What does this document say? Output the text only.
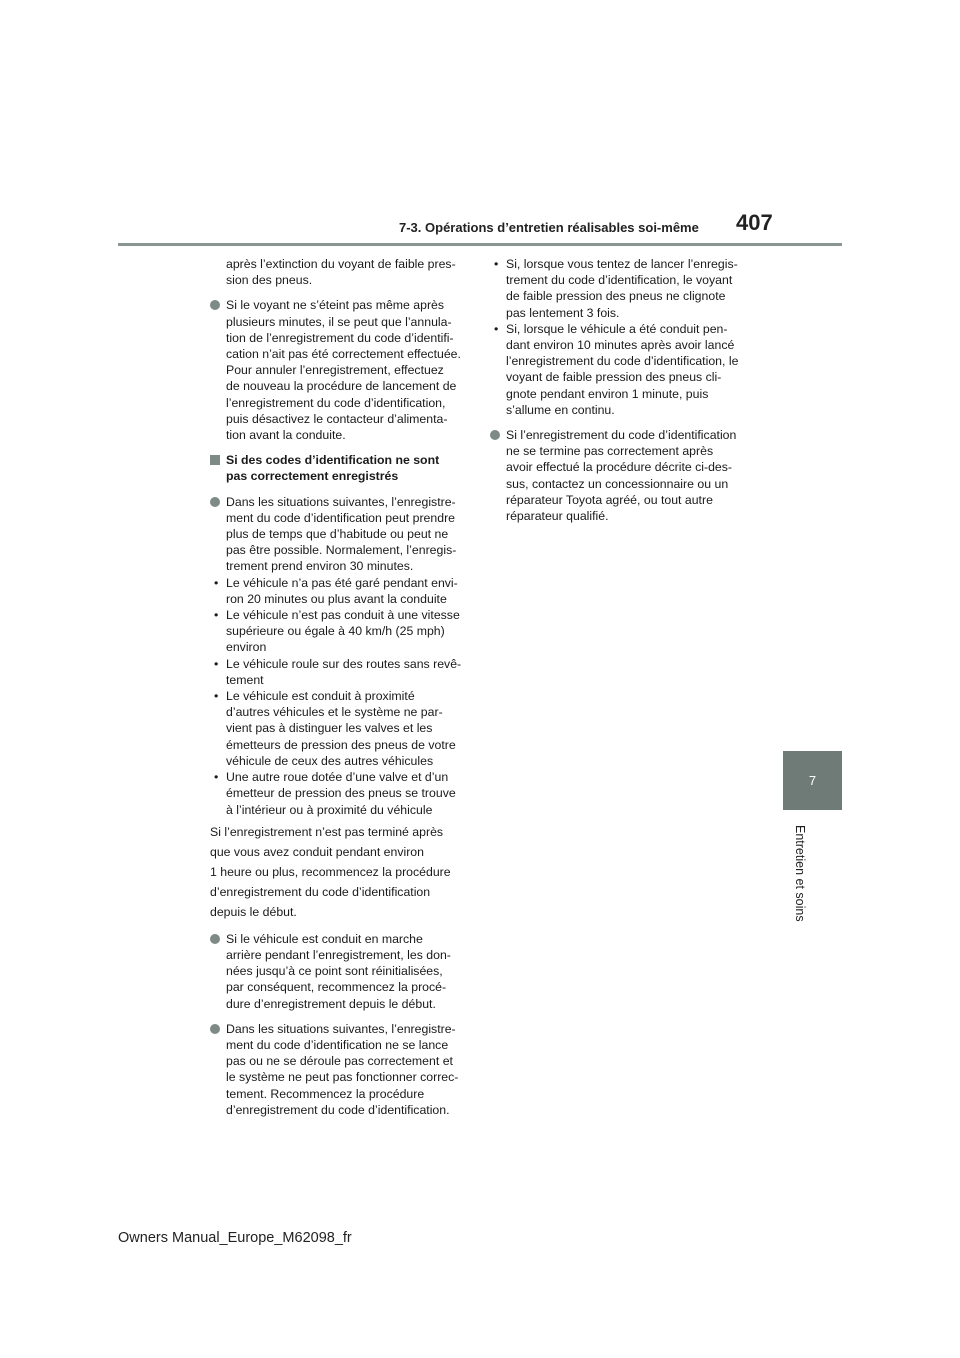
7-3. Opérations d’entretien réalisables soi-même 407
7
Entretien et soins

après l’extinction du voyant de faible pres-

sion des pneus.

Si le voyant ne s’éteint pas même après

plusieurs minutes, il se peut que l’annula-

tion de l’enregistrement du code d’identifi-

cation n’ait pas été correctement effectuée.

Pour annuler l’enregistrement, effectuez

de nouveau la procédure de lancement de

l’enregistrement du code d’identification,

puis désactivez le contacteur d’alimenta-

tion avant la conduite.

Si des codes d’identification ne sont

pas correctement enregistrés

Dans les situations suivantes, l’enregistre-

ment du code d’identification peut prendre

plus de temps que d’habitude ou peut ne

pas être possible. Normalement, l’enregis-

trement prend environ 30 minutes.

• Le véhicule n’a pas été garé pendant envi-

ron 20 minutes ou plus avant la conduite

• Le véhicule n’est pas conduit à une vitesse

supérieure ou égale à 40 km/h (25 mph)

environ

• Le véhicule roule sur des routes sans revê-

tement

• Le véhicule est conduit à proximité

d’autres véhicules et le système ne par-

vient pas à distinguer les valves et les

émetteurs de pression des pneus de votre

véhicule de ceux des autres véhicules

• Une autre roue dotée d’une valve et d’un

émetteur de pression des pneus se trouve

à l’intérieur ou à proximité du véhicule

Si l’enregistrement n’est pas terminé après

que vous avez conduit pendant environ

1 heure ou plus, recommencez la procédure

d’enregistrement du code d’identification

depuis le début.

Si le véhicule est conduit en marche

arrière pendant l’enregistrement, les don-

nées jusqu’à ce point sont réinitialisées,

par conséquent, recommencez la procé-

dure d’enregistrement depuis le début.

Dans les situations suivantes, l’enregistre-

ment du code d’identification ne se lance

pas ou ne se déroule pas correctement et

le système ne peut pas fonctionner correc-

tement. Recommencez la procédure

d’enregistrement du code d’identification.

• Si, lorsque vous tentez de lancer l’enregis-

trement du code d’identification, le voyant

de faible pression des pneus ne clignote

pas lentement 3 fois.

• Si, lorsque le véhicule a été conduit pen-

dant environ 10 minutes après avoir lancé

l’enregistrement du code d’identification, le

voyant de faible pression des pneus cli-

gnote pendant environ 1 minute, puis

s’allume en continu.

Si l’enregistrement du code d’identification

ne se termine pas correctement après

avoir effectué la procédure décrite ci-des-

sus, contactez un concessionnaire ou un

réparateur Toyota agréé, ou tout autre

réparateur qualifié.

Owners Manual_Europe_M62098_fr
